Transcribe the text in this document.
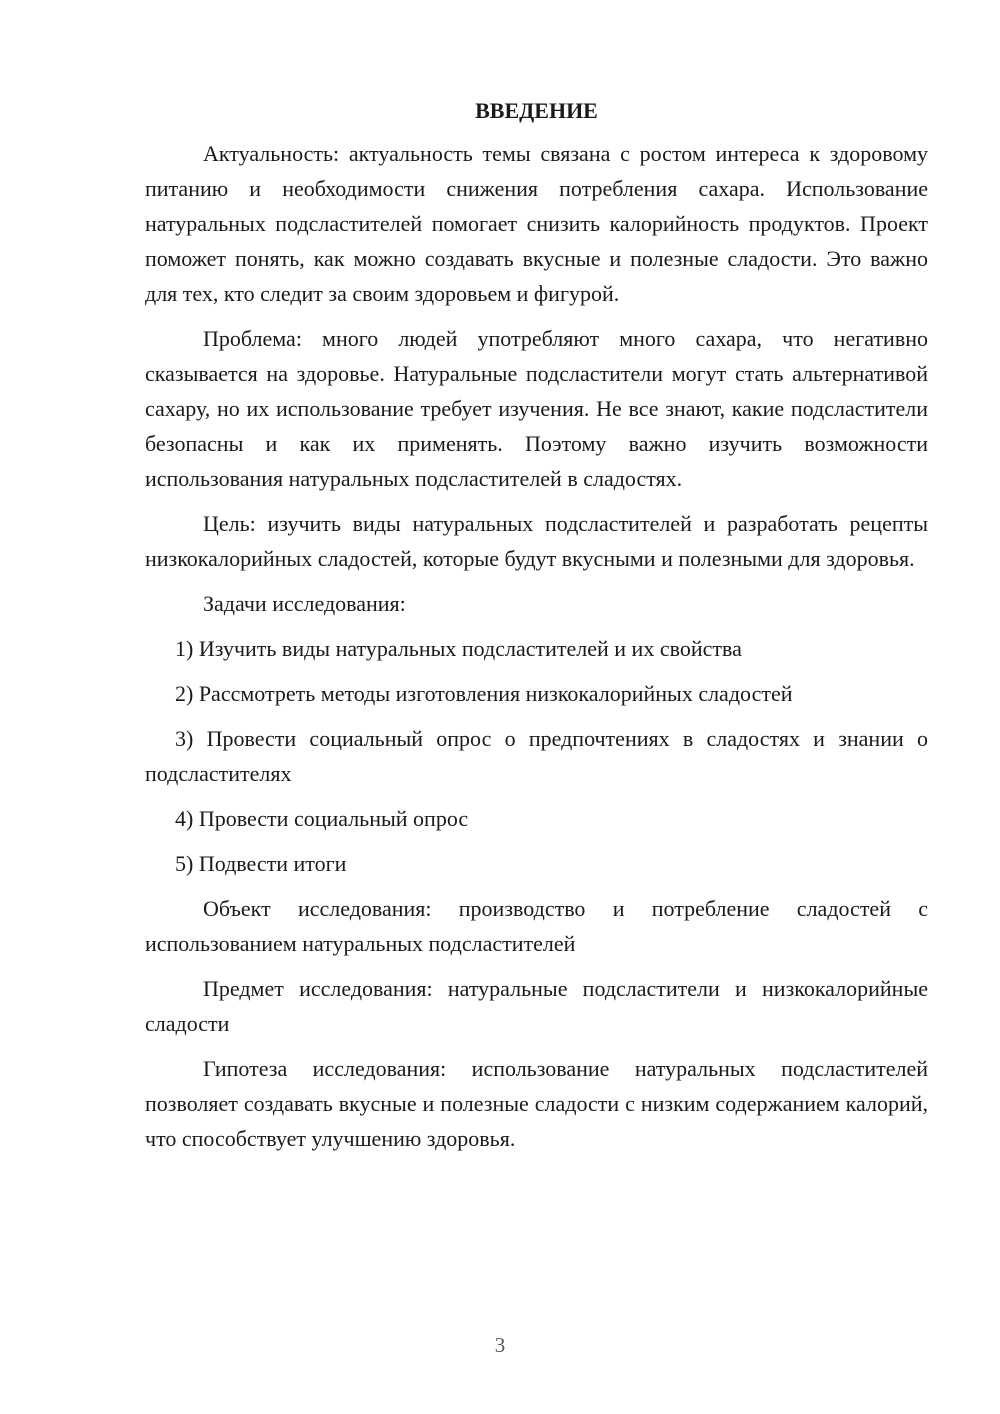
ВВЕДЕНИЕ

Актуальность: актуальность темы связана с ростом интереса к здоровому питанию и необходимости снижения потребления сахара. Использование натуральных подсластителей помогает снизить калорийность продуктов. Проект поможет понять, как можно создавать вкусные и полезные сладости. Это важно для тех, кто следит за своим здоровьем и фигурой.

Проблема: много людей употребляют много сахара, что негативно сказывается на здоровье. Натуральные подсластители могут стать альтернативой сахару, но их использование требует изучения. Не все знают, какие подсластители безопасны и как их применять. Поэтому важно изучить возможности использования натуральных подсластителей в сладостях.

Цель: изучить виды натуральных подсластителей и разработать рецепты низкокалорийных сладостей, которые будут вкусными и полезными для здоровья.

Задачи исследования:

1) Изучить виды натуральных подсластителей и их свойства

2) Рассмотреть методы изготовления низкокалорийных сладостей

3) Провести социальный опрос о предпочтениях в сладостях и знании о подсластителях

4) Провести социальный опрос

5) Подвести итоги

Объект исследования: производство и потребление сладостей с использованием натуральных подсластителей

Предмет исследования: натуральные подсластители и низкокалорийные сладости

Гипотеза исследования: использование натуральных подсластителей позволяет создавать вкусные и полезные сладости с низким содержанием калорий, что способствует улучшению здоровья.

3
